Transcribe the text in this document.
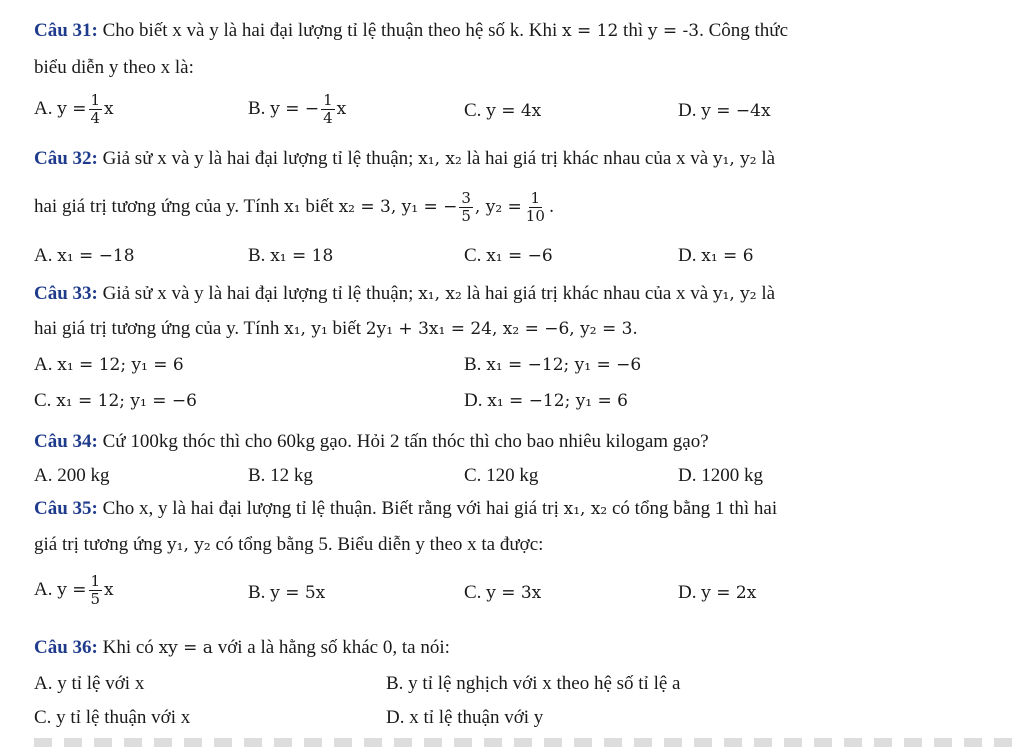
Câu 31: Cho biết x và y là hai đại lượng tỉ lệ thuận theo hệ số k. Khi x = 12 thì y = -3. Công thức
biểu diễn y theo x là:
A. $y = \frac{1}{4}$ x	B. y = − $\frac{1}{4}$ x	C. y = 4x	D. y = −4x
Câu 32: Giả sử x và y là hai đại lượng tỉ lệ thuận; x₁, x₂ là hai giá trị khác nhau của x và y₁, y₂ là
hai giá trị tương ứng của y. Tính x₁ biết x₂ = 3, y₁ = − $\frac{3}{5}$ , $y_2 = \frac{1}{10}$ .
A. x₁ = −18	B. x₁ = 18	C. x₁ = −6	D. x₁ = 6
Câu 33: Giả sử x và y là hai đại lượng tỉ lệ thuận; x₁, x₂ là hai giá trị khác nhau của x và y₁, y₂ là
hai giá trị tương ứng của y. Tính x₁, y₁ biết 2y₁ + 3x₁ = 24, x₂ = −6, y₂ = 3.
A. x₁ = 12; y₁ = 6	B. x₁ = −12; y₁ = −6
C. x₁ = 12; y₁ = −6	D. x₁ = −12; y₁ = 6
Câu 34: Cứ 100kg thóc thì cho 60kg gạo. Hỏi 2 tấn thóc thì cho bao nhiêu kilogam gạo?
A. 200 kg	B. 12 kg	C. 120 kg	D. 1200 kg
Câu 35: Cho x, y là hai đại lượng tỉ lệ thuận. Biết rằng với hai giá trị x₁, x₂ có tổng bằng 1 thì hai
giá trị tương ứng y₁, y₂ có tổng bằng 5. Biểu diễn y theo x ta được:
A. $y = \frac{1}{5}$ x	B. y = 5x	C. y = 3x	D. y = 2x
Câu 36: Khi có xy = a với a là hằng số khác 0, ta nói:
A. y tỉ lệ với x	B. y tỉ lệ nghịch với x theo hệ số tỉ lệ a
C. y tỉ lệ thuận với x	D. x tỉ lệ thuận với y
